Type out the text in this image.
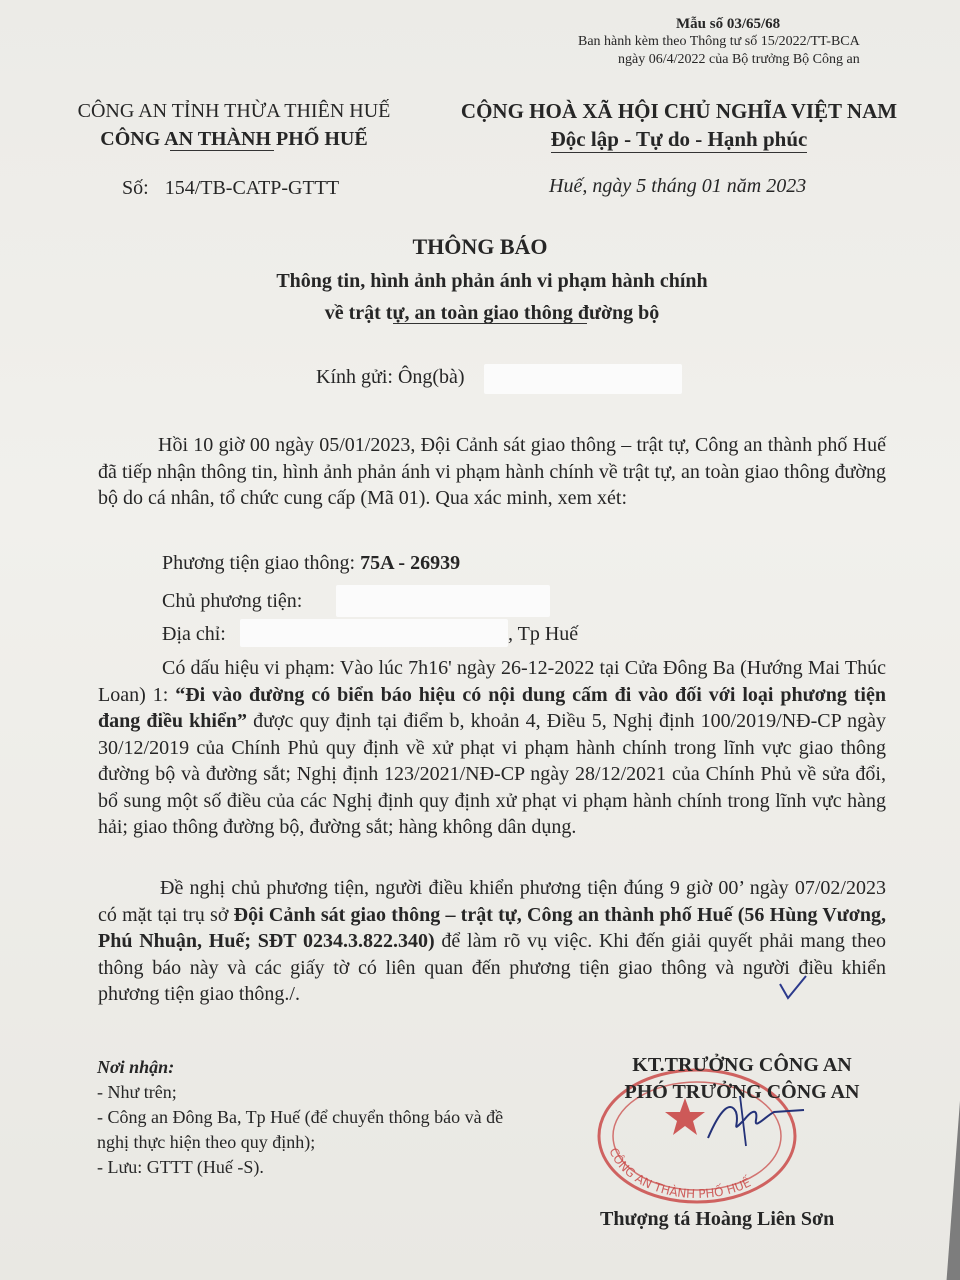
Mẫu số 03/65/68
Ban hành kèm theo Thông tư số 15/2022/TT-BCA
ngày 06/4/2022 của Bộ trưởng Bộ Công an
CÔNG AN TỈNH THỪA THIÊN HUẾ
CÔNG AN THÀNH PHỐ HUẾ
CỘNG HOÀ XÃ HỘI CHỦ NGHĨA VIỆT NAM
Độc lập - Tự do - Hạnh phúc
Số: 154/TB-CATP-GTTT	Huế, ngày 5 tháng 01 năm 2023
THÔNG BÁO
Thông tin, hình ảnh phản ánh vi phạm hành chính
về trật tự, an toàn giao thông đường bộ
Kính gửi: Ông(bà)
Hồi 10 giờ 00 ngày 05/01/2023, Đội Cảnh sát giao thông – trật tự, Công an thành phố Huế đã tiếp nhận thông tin, hình ảnh phản ánh vi phạm hành chính về trật tự, an toàn giao thông đường bộ do cá nhân, tổ chức cung cấp (Mã 01). Qua xác minh, xem xét:
Phương tiện giao thông: 75A - 26939
Chủ phương tiện:
Địa chỉ:	, Tp Huế
Có dấu hiệu vi phạm: Vào lúc 7h16' ngày 26-12-2022 tại Cửa Đông Ba (Hướng Mai Thúc Loan) 1: “Đi vào đường có biển báo hiệu có nội dung cấm đi vào đối với loại phương tiện đang điều khiển” được quy định tại điểm b, khoản 4, Điều 5, Nghị định 100/2019/NĐ-CP ngày 30/12/2019 của Chính Phủ quy định về xử phạt vi phạm hành chính trong lĩnh vực giao thông đường bộ và đường sắt; Nghị định 123/2021/NĐ-CP ngày 28/12/2021 của Chính Phủ về sửa đổi, bổ sung một số điều của các Nghị định quy định xử phạt vi phạm hành chính trong lĩnh vực hàng hải; giao thông đường bộ, đường sắt; hàng không dân dụng.
Đề nghị chủ phương tiện, người điều khiển phương tiện đúng 9 giờ 00’ ngày 07/02/2023 có mặt tại trụ sở Đội Cảnh sát giao thông – trật tự, Công an thành phố Huế (56 Hùng Vương, Phú Nhuận, Huế; SĐT 0234.3.822.340) để làm rõ vụ việc. Khi đến giải quyết phải mang theo thông báo này và các giấy tờ có liên quan đến phương tiện giao thông và người điều khiển phương tiện giao thông./.
Nơi nhận:
- Như trên;
- Công an Đông Ba, Tp Huế (để chuyển thông báo và đề nghị thực hiện theo quy định);
- Lưu: GTTT (Huế -S).
CÔNG AN THÀNH PHỐ HUẾ
KT.TRƯỞNG CÔNG AN
PHÓ TRƯỞNG CÔNG AN
Thượng tá Hoàng Liên Sơn
